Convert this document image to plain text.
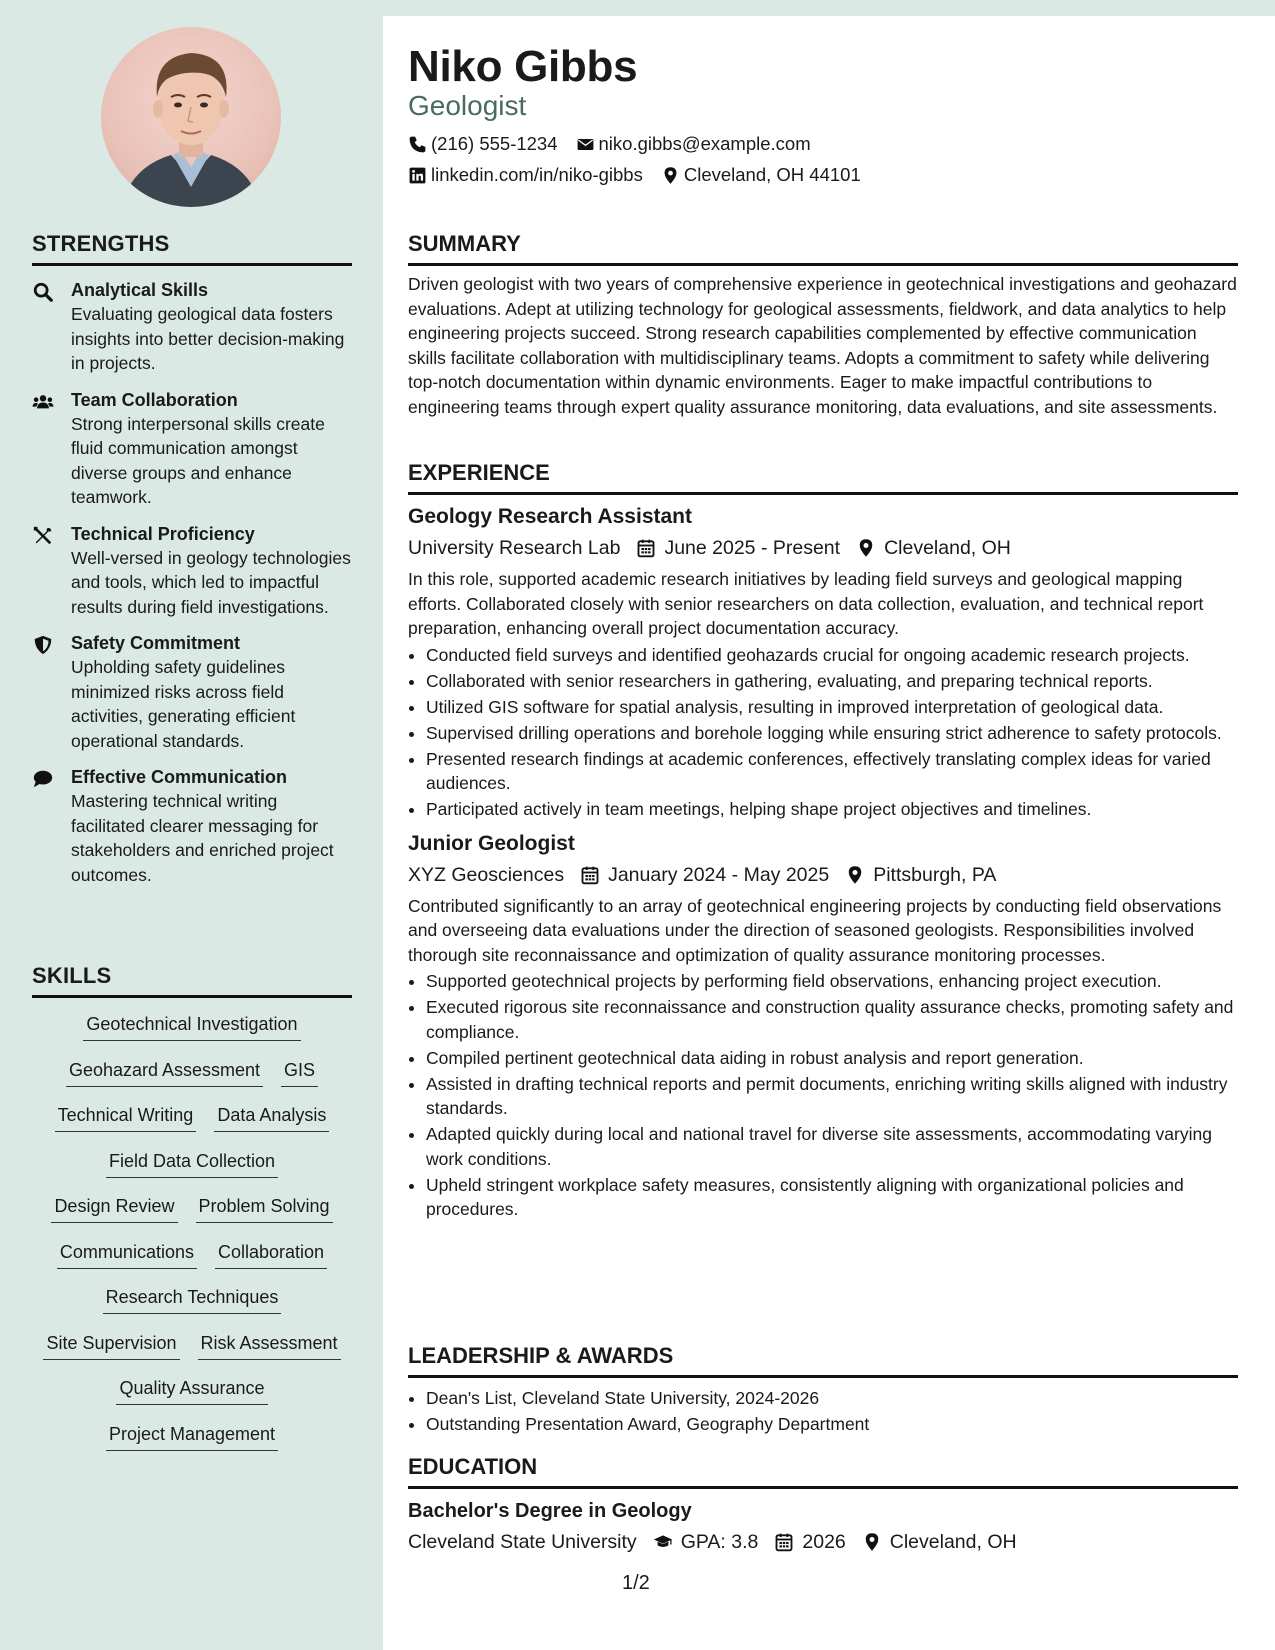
STRENGTHS
Analytical Skills
Evaluating geological data fosters insights into better decision-making in projects.
Team Collaboration
Strong interpersonal skills create fluid communication amongst diverse groups and enhance teamwork.
Technical Proficiency
Well-versed in geology technologies and tools, which led to impactful results during field investigations.
Safety Commitment
Upholding safety guidelines minimized risks across field activities, generating efficient operational standards.
Effective Communication
Mastering technical writing facilitated clearer messaging for stakeholders and enriched project outcomes.
SKILLS
Geotechnical Investigation
Geohazard Assessment GIS
Technical Writing Data Analysis
Field Data Collection
Design Review Problem Solving
Communications Collaboration
Research Techniques
Site Supervision Risk Assessment
Quality Assurance
Project Management
Niko Gibbs
Geologist
(216) 555-1234 niko.gibbs@example.com
linkedin.com/in/niko-gibbs Cleveland, OH 44101
SUMMARY

Driven geologist with two years of comprehensive experience in geotechnical investigations and geohazard evaluations. Adept at utilizing technology for geological assessments, fieldwork, and data analytics to help engineering projects succeed. Strong research capabilities complemented by effective communication skills facilitate collaboration with multidisciplinary teams. Adopts a commitment to safety while delivering top-notch documentation within dynamic environments. Eager to make impactful contributions to engineering teams through expert quality assurance monitoring, data evaluations, and site assessments.

EXPERIENCE
Geology Research Assistant
University Research Lab June 2025 - Present Cleveland, OH

In this role, supported academic research initiatives by leading field surveys and geological mapping efforts. Collaborated closely with senior researchers on data collection, evaluation, and technical report preparation, enhancing overall project documentation accuracy.

• Conducted field surveys and identified geohazards crucial for ongoing academic research projects.
• Collaborated with senior researchers in gathering, evaluating, and preparing technical reports.
• Utilized GIS software for spatial analysis, resulting in improved interpretation of geological data.
• Supervised drilling operations and borehole logging while ensuring strict adherence to safety protocols.
• Presented research findings at academic conferences, effectively translating complex ideas for varied audiences.
• Participated actively in team meetings, helping shape project objectives and timelines.
Junior Geologist
XYZ Geosciences January 2024 - May 2025 Pittsburgh, PA

Contributed significantly to an array of geotechnical engineering projects by conducting field observations and overseeing data evaluations under the direction of seasoned geologists. Responsibilities involved thorough site reconnaissance and optimization of quality assurance monitoring processes.

• Supported geotechnical projects by performing field observations, enhancing project execution.
• Executed rigorous site reconnaissance and construction quality assurance checks, promoting safety and compliance.
• Compiled pertinent geotechnical data aiding in robust analysis and report generation.
• Assisted in drafting technical reports and permit documents, enriching writing skills aligned with industry standards.
• Adapted quickly during local and national travel for diverse site assessments, accommodating varying work conditions.
• Upheld stringent workplace safety measures, consistently aligning with organizational policies and procedures.
LEADERSHIP & AWARDS
• Dean's List, Cleveland State University, 2024-2026
• Outstanding Presentation Award, Geography Department
EDUCATION
Bachelor's Degree in Geology
Cleveland State University GPA: 3.8 2026 Cleveland, OH
1/2
